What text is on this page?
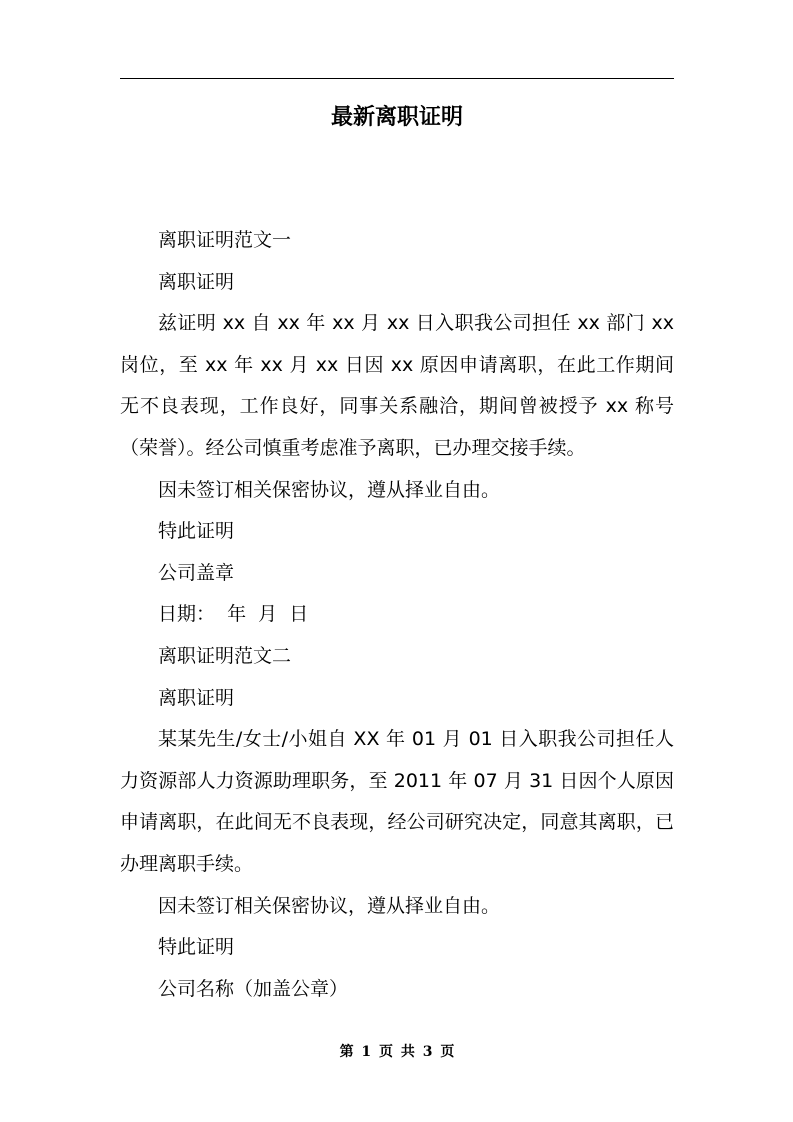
最新离职证明

离职证明范文一

离职证明

兹证明 xx 自 xx 年 xx 月 xx 日入职我公司担任 xx 部门 xx 岗位，至 xx 年 xx 月 xx 日因 xx 原因申请离职，在此工作期间无不良表现，工作良好，同事关系融洽，期间曾被授予 xx 称号（荣誉）。经公司慎重考虑准予离职，已办理交接手续。

因未签订相关保密协议，遵从择业自由。

特此证明

公司盖章

日期：  年  月  日

离职证明范文二

离职证明

某某先生/女士/小姐自 XX 年 01 月 01 日入职我公司担任人力资源部人力资源助理职务，至 2011 年 07 月 31 日因个人原因申请离职，在此间无不良表现，经公司研究决定，同意其离职，已办理离职手续。

因未签订相关保密协议，遵从择业自由。

特此证明

公司名称（加盖公章）

第 1 页 共 3 页
